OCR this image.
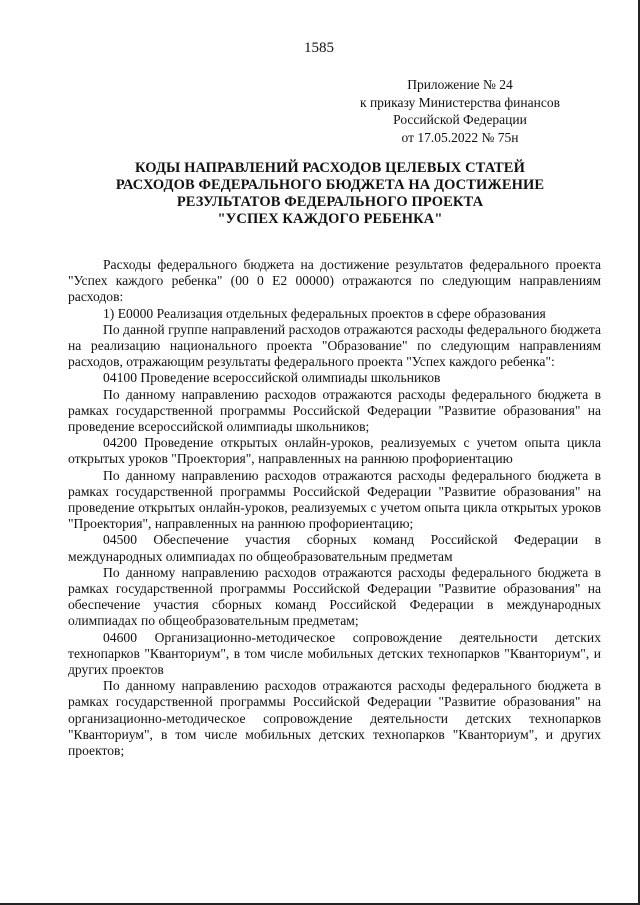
1585
Приложение № 24
к приказу Министерства финансов
Российской Федерации
от 17.05.2022 № 75н
КОДЫ НАПРАВЛЕНИЙ РАСХОДОВ ЦЕЛЕВЫХ СТАТЕЙ
РАСХОДОВ ФЕДЕРАЛЬНОГО БЮДЖЕТА НА ДОСТИЖЕНИЕ
РЕЗУЛЬТАТОВ ФЕДЕРАЛЬНОГО ПРОЕКТА
"УСПЕХ КАЖДОГО РЕБЕНКА"

Расходы федерального бюджета на достижение результатов федерального проекта "Успех каждого ребенка" (00 0 Е2 00000) отражаются по следующим направлениям расходов:

1) Е0000 Реализация отдельных федеральных проектов в сфере образования

По данной группе направлений расходов отражаются расходы федерального бюджета на реализацию национального проекта "Образование" по следующим направлениям расходов, отражающим результаты федерального проекта "Успех каждого ребенка":

04100 Проведение всероссийской олимпиады школьников

По данному направлению расходов отражаются расходы федерального бюджета в рамках государственной программы Российской Федерации "Развитие образования" на проведение всероссийской олимпиады школьников;

04200 Проведение открытых онлайн-уроков, реализуемых с учетом опыта цикла открытых уроков "Проектория", направленных на раннюю профориентацию

По данному направлению расходов отражаются расходы федерального бюджета в рамках государственной программы Российской Федерации "Развитие образования" на проведение открытых онлайн-уроков, реализуемых с учетом опыта цикла открытых уроков "Проектория", направленных на раннюю профориентацию;

04500 Обеспечение участия сборных команд Российской Федерации в международных олимпиадах по общеобразовательным предметам

По данному направлению расходов отражаются расходы федерального бюджета в рамках государственной программы Российской Федерации "Развитие образования" на обеспечение участия сборных команд Российской Федерации в международных олимпиадах по общеобразовательным предметам;

04600 Организационно-методическое сопровождение деятельности детских технопарков "Кванториум", в том числе мобильных детских технопарков "Кванториум", и других проектов

По данному направлению расходов отражаются расходы федерального бюджета в рамках государственной программы Российской Федерации "Развитие образования" на организационно-методическое сопровождение деятельности детских технопарков "Кванториум", в том числе мобильных детских технопарков "Кванториум", и других проектов;
